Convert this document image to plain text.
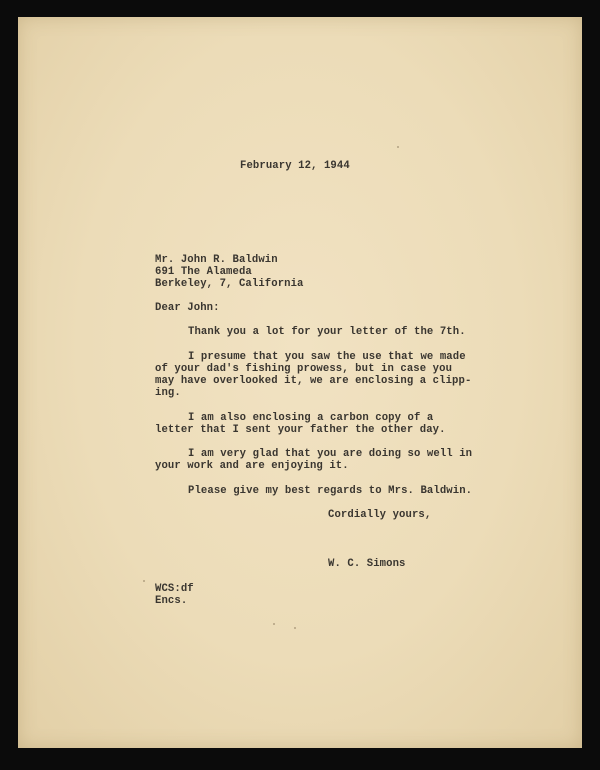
February 12, 1944
Mr. John R. Baldwin
691 The Alameda
Berkeley, 7, California
Dear John:
Thank you a lot for your letter of the 7th.
I presume that you saw the use that we made
of your dad's fishing prowess, but in case you
may have overlooked it, we are enclosing a clipp-
ing.
I am also enclosing a carbon copy of a
letter that I sent your father the other day.
I am very glad that you are doing so well in
your work and are enjoying it.
Please give my best regards to Mrs. Baldwin.
Cordially yours,
W. C. Simons
WCS:df
Encs.
